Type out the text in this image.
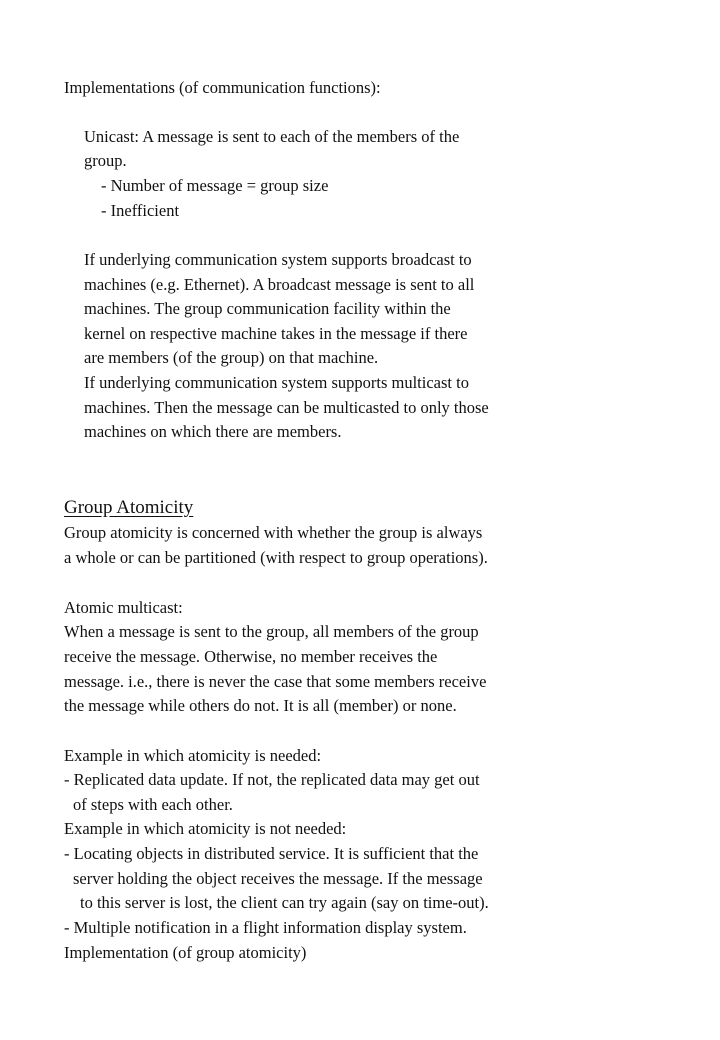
Implementations (of communication functions):
Unicast: A message is sent to each of the members of the
group.
- Number of message = group size
- Inefficient
If underlying communication system supports broadcast to
machines (e.g. Ethernet). A broadcast message is sent to all
machines. The group communication facility within the
kernel on respective machine takes in the message if there
are members (of the group) on that machine.
If underlying communication system supports multicast to
machines. Then the message can be multicasted to only those
machines on which there are members.
Group Atomicity
Group atomicity is concerned with whether the group is always
a whole or can be partitioned (with respect to group operations).
Atomic multicast:
When a message is sent to the group, all members of the group
receive the message. Otherwise, no member receives the
message. i.e., there is never the case that some members receive
the message while others do not. It is all (member) or none.
Example in which atomicity is needed:
- Replicated data update. If not, the replicated data may get out
of steps with each other.
Example in which atomicity is not needed:
- Locating objects in distributed service. It is sufficient that the
server holding the object receives the message. If the message
to this server is lost, the client can try again (say on time-out).
- Multiple notification in a flight information display system.
Implementation (of group atomicity)
